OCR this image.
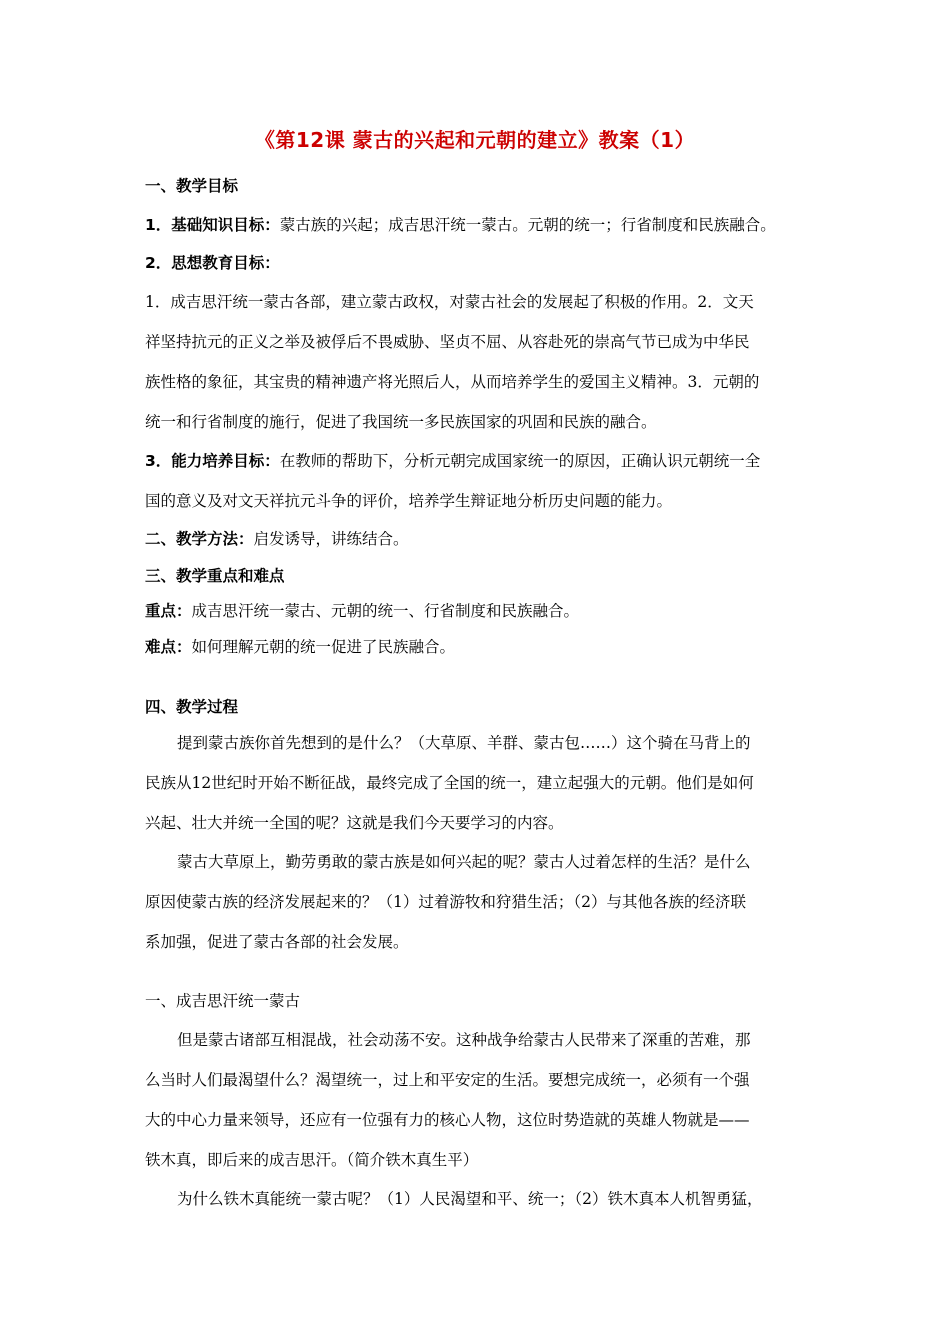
《第12课 蒙古的兴起和元朝的建立》教案（1）
一、教学目标
1．基础知识目标：蒙古族的兴起；成吉思汗统一蒙古。元朝的统一；行省制度和民族融合。
2．思想教育目标：
1．成吉思汗统一蒙古各部，建立蒙古政权，对蒙古社会的发展起了积极的作用。2．文天
祥坚持抗元的正义之举及被俘后不畏威胁、坚贞不屈、从容赴死的崇高气节已成为中华民
族性格的象征，其宝贵的精神遗产将光照后人，从而培养学生的爱国主义精神。3．元朝的
统一和行省制度的施行，促进了我国统一多民族国家的巩固和民族的融合。
3．能力培养目标：在教师的帮助下，分析元朝完成国家统一的原因，正确认识元朝统一全
国的意义及对文天祥抗元斗争的评价，培养学生辩证地分析历史问题的能力。
二、教学方法：启发诱导，讲练结合。
三、教学重点和难点
重点：成吉思汗统一蒙古、元朝的统一、行省制度和民族融合。
难点：如何理解元朝的统一促进了民族融合。
四、教学过程
提到蒙古族你首先想到的是什么？（大草原、羊群、蒙古包……）这个骑在马背上的
民族从12世纪时开始不断征战，最终完成了全国的统一，建立起强大的元朝。他们是如何
兴起、壮大并统一全国的呢？这就是我们今天要学习的内容。
蒙古大草原上，勤劳勇敢的蒙古族是如何兴起的呢？蒙古人过着怎样的生活？是什么
原因使蒙古族的经济发展起来的？（1）过着游牧和狩猎生活；（2）与其他各族的经济联
系加强，促进了蒙古各部的社会发展。
一、成吉思汗统一蒙古
但是蒙古诸部互相混战，社会动荡不安。这种战争给蒙古人民带来了深重的苦难，那
么当时人们最渴望什么？渴望统一，过上和平安定的生活。要想完成统一，必须有一个强
大的中心力量来领导，还应有一位强有力的核心人物，这位时势造就的英雄人物就是——
铁木真，即后来的成吉思汗。（简介铁木真生平）
为什么铁木真能统一蒙古呢？（1）人民渴望和平、统一；（2）铁木真本人机智勇猛，
